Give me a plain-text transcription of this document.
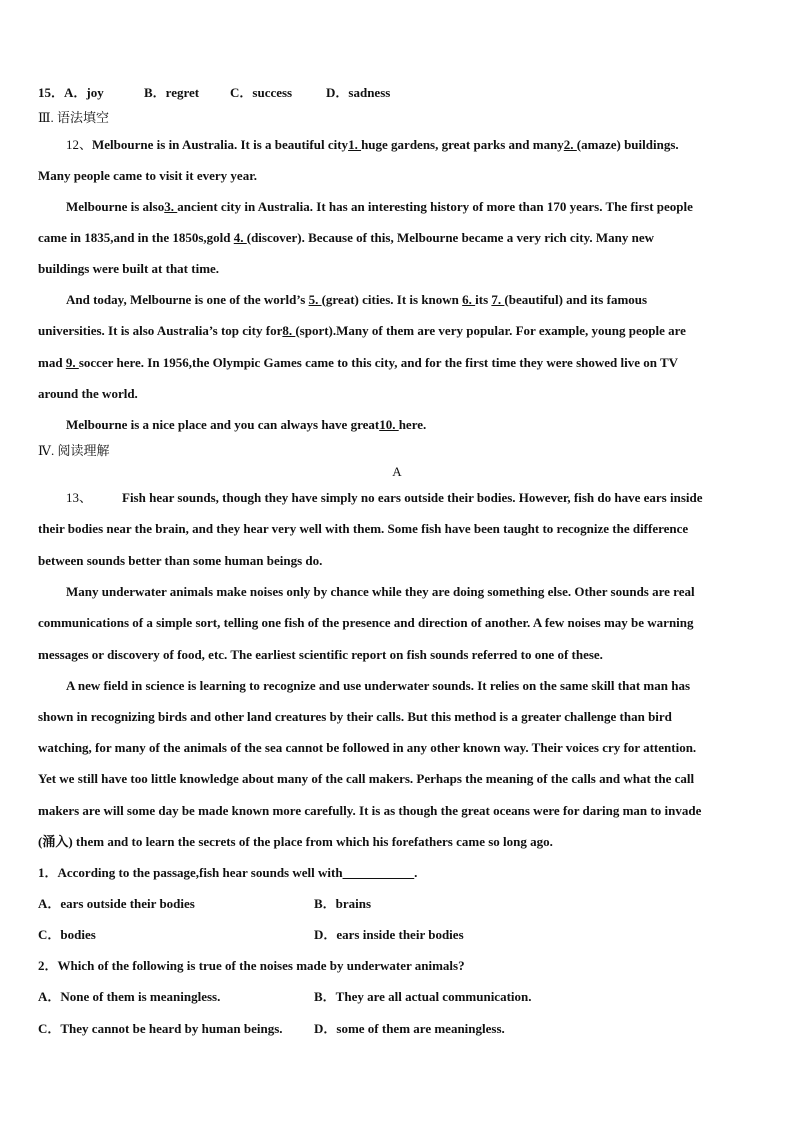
15．A．joy	B．regret C．success	D．sadness
Ⅲ. 语法填空
12、Melbourne is in Australia. It is a beautiful city1. huge gardens, great parks and many2. (amaze) buildings.
Many people came to visit it every year.
Melbourne is also3. ancient city in Australia. It has an interesting history of more than 170 years. The first people
came in 1835,and in the 1850s,gold 4. (discover). Because of this, Melbourne became a very rich city. Many new
buildings were built at that time.
And today, Melbourne is one of the world’s 5. (great) cities. It is known 6. its 7. (beautiful) and its famous
universities. It is also Australia’s top city for8. (sport).Many of them are very popular. For example, young people are
mad 9. soccer here. In 1956,the Olympic Games came to this city, and for the first time they were showed live on TV
around the world.
Melbourne is a nice place and you can always have great10. here.
Ⅳ. 阅读理解
A
13、 Fish hear sounds, though they have simply no ears outside their bodies. However, fish do have ears inside
their bodies near the brain, and they hear very well with them. Some fish have been taught to recognize the difference
between sounds better than some human beings do.
Many underwater animals make noises only by chance while they are doing something else. Other sounds are real
communications of a simple sort, telling one fish of the presence and direction of another. A few noises may be warning
messages or discovery of food, etc. The earliest scientific report on fish sounds referred to one of these.
A new field in science is learning to recognize and use underwater sounds. It relies on the same skill that man has
shown in recognizing birds and other land creatures by their calls. But this method is a greater challenge than bird
watching, for many of the animals of the sea cannot be followed in any other known way. Their voices cry for attention.
Yet we still have too little knowledge about many of the call makers. Perhaps the meaning of the calls and what the call
makers are will some day be made known more carefully. It is as though the great oceans were for daring man to invade
(涌入) them and to learn the secrets of the place from which his forefathers came so long ago.
1．According to the passage,fish hear sounds well with___________.
A．ears outside their bodies	B．brains
C．bodies	D．ears inside their bodies
2．Which of the following is true of the noises made by underwater animals?
A．None of them is meaningless.	B．They are all actual communication.
C．They cannot be heard by human beings. D．some of them are meaningless.
